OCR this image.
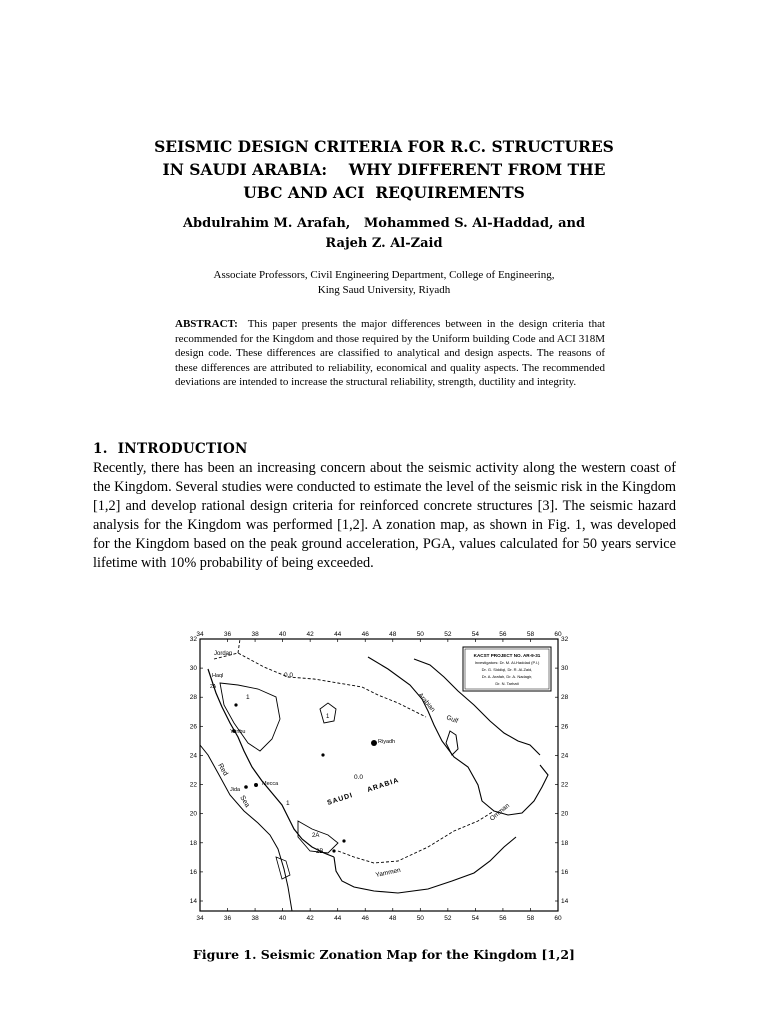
SEISMIC DESIGN CRITERIA FOR R.C. STRUCTURES
IN SAUDI ARABIA:    WHY DIFFERENT FROM THE
UBC AND ACI  REQUIREMENTS
Abdulrahim M. Arafah,   Mohammed S. Al-Haddad, and
Rajeh Z. Al-Zaid
Associate Professors, Civil Engineering Department, College of Engineering,
King Saud University, Riyadh
ABSTRACT: This paper presents the major differences between in the design criteria that recommended for the Kingdom and those required by the Uniform building Code and ACI 318M design code. These differences are classified to analytical and design aspects. The reasons of these differences are attributed to reliability, economical and quality aspects. The recommended deviations are intended to increase the structural reliability, strength, ductility and integrity.
1.  INTRODUCTION
Recently, there has been an increasing concern about the seismic activity along the western coast of the Kingdom. Several studies were conducted to estimate the level of the seismic risk in the Kingdom [1,2] and develop rational design criteria for reinforced concrete structures [3]. The seismic hazard analysis for the Kingdom was performed [1,2]. A zonation map, as shown in Fig. 1, was developed for the Kingdom based on the peak ground acceleration, PGA, values calculated for 50 years service lifetime with 10% probability of being exceeded.
34	36	38	40	42	44	46	48	50	52	54	56	58	60
34	36	38	40	42	44	46	48	50	52	54	56	58	60
32
30
28
26
24
22
20
18
16
14
32
30
28
26
24
22
20
18
16
14
KACST PROJECT NO. AR-9-31
Investigators: Dr. M. Al-Haddad (P.I.)
Dr. G. Siddiqi, Dr. R. Al-Zaid,
Dr. A. Arafah, Dr. A. Nadagir,
Dr. N. Tarhati
Jordan
Haql
Yanbu
Jida
Mecca
Riyadh
Red
Sea	SAUDI
ARABIA
Arabian
Gulf
Omman
Yammen
0.0
0.0
1
1
1
2A
2B
2A
Figure 1. Seismic Zonation Map for the Kingdom [1,2]
